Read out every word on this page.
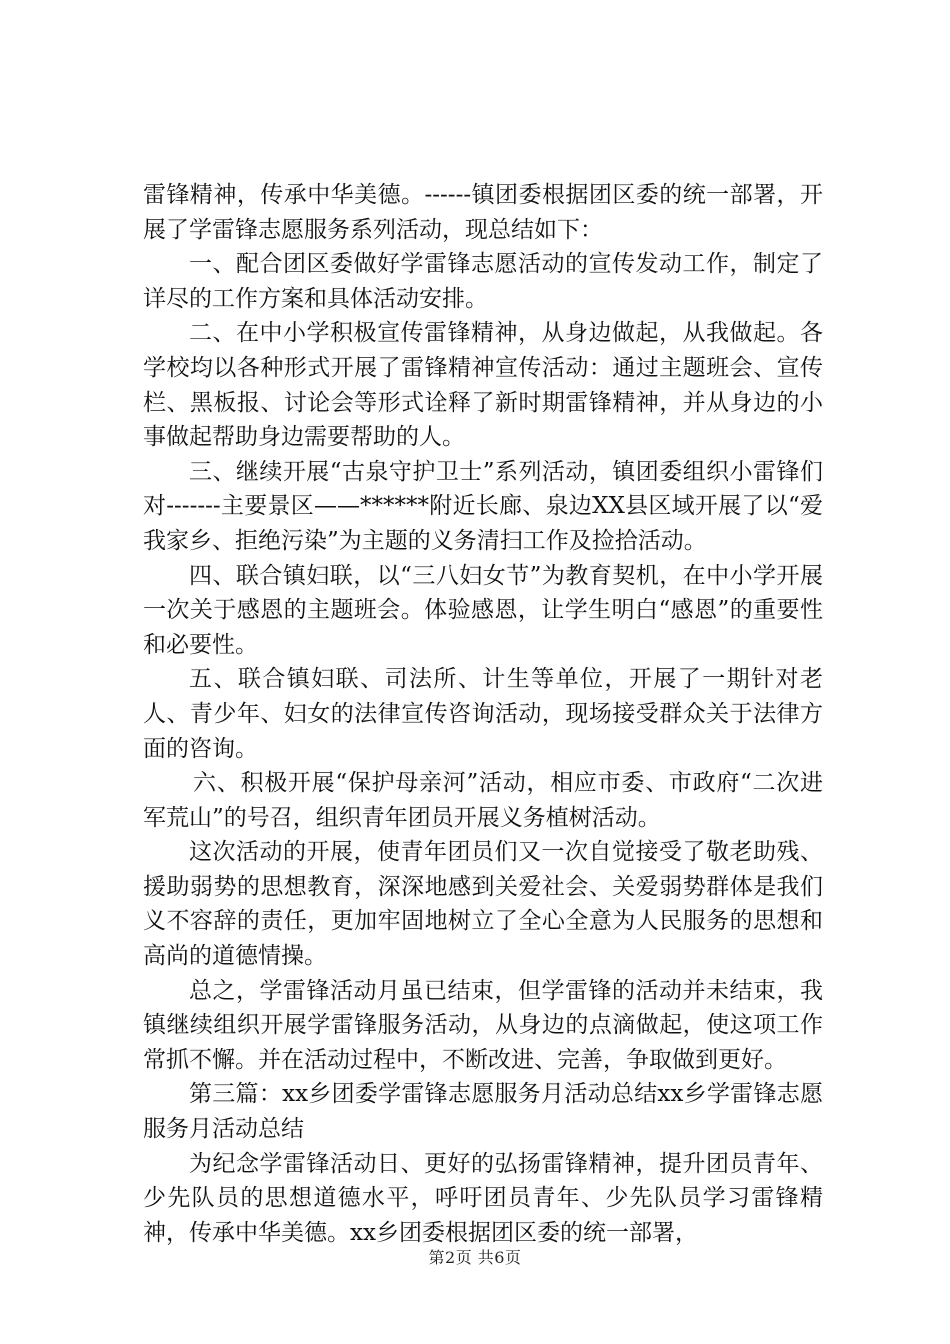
雷锋精神，传承中华美德。------镇团委根据团区委的统一部署，开展了学雷锋志愿服务系列活动，现总结如下：

一、配合团区委做好学雷锋志愿活动的宣传发动工作，制定了详尽的工作方案和具体活动安排。

二、在中小学积极宣传雷锋精神，从身边做起，从我做起。各学校均以各种形式开展了雷锋精神宣传活动：通过主题班会、宣传栏、黑板报、讨论会等形式诠释了新时期雷锋精神，并从身边的小事做起帮助身边需要帮助的人。

三、继续开展“古泉守护卫士”系列活动，镇团委组织小雷锋们对-------主要景区——******附近长廊、泉边XX县区域开展了以“爱我家乡、拒绝污染”为主题的义务清扫工作及捡拾活动。

四、联合镇妇联，以“三八妇女节”为教育契机，在中小学开展一次关于感恩的主题班会。体验感恩，让学生明白“感恩”的重要性和必要性。

五、联合镇妇联、司法所、计生等单位，开展了一期针对老人、青少年、妇女的法律宣传咨询活动，现场接受群众关于法律方面的咨询。

六、积极开展“保护母亲河”活动，相应市委、市政府“二次进军荒山”的号召，组织青年团员开展义务植树活动。

这次活动的开展，使青年团员们又一次自觉接受了敬老助残、援助弱势的思想教育，深深地感到关爱社会、关爱弱势群体是我们义不容辞的责任，更加牢固地树立了全心全意为人民服务的思想和高尚的道德情操。

总之，学雷锋活动月虽已结束，但学雷锋的活动并未结束，我镇继续组织开展学雷锋服务活动，从身边的点滴做起，使这项工作常抓不懈。并在活动过程中，不断改进、完善，争取做到更好。

第三篇：xx乡团委学雷锋志愿服务月活动总结xx乡学雷锋志愿服务月活动总结

为纪念学雷锋活动日、更好的弘扬雷锋精神，提升团员青年、少先队员的思想道德水平，呼吁团员青年、少先队员学习雷锋精神，传承中华美德。xx乡团委根据团区委的统一部署，

第2页 共6页
